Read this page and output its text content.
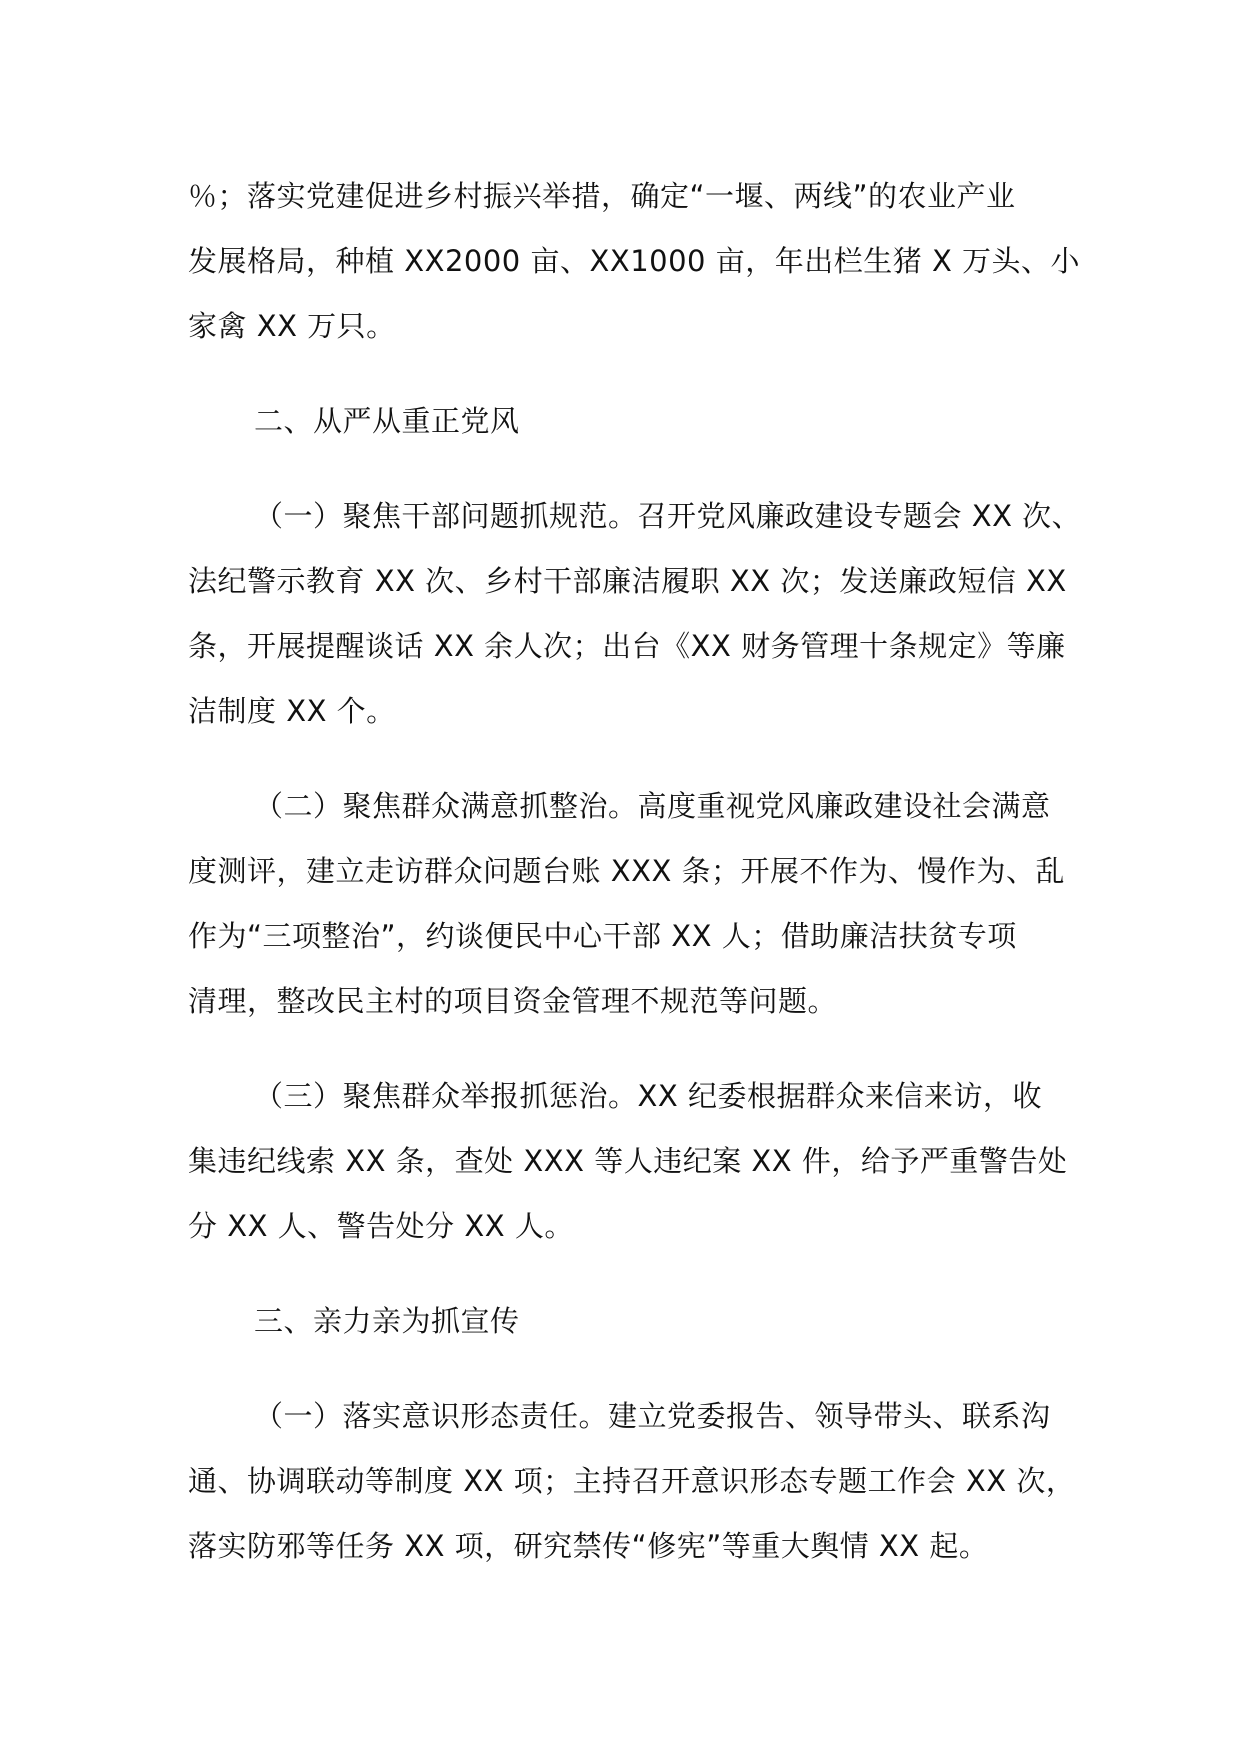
％；落实党建促进乡村振兴举措，确定“一堰、两线”的农业产业
发展格局，种植 XX2000 亩、XX1000 亩，年出栏生猪 X 万头、小
家禽 XX 万只。

二、从严从重正党风

（一）聚焦干部问题抓规范。召开党风廉政建设专题会 XX 次、
法纪警示教育 XX 次、乡村干部廉洁履职 XX 次；发送廉政短信 XX
条，开展提醒谈话 XX 余人次；出台《XX 财务管理十条规定》等廉
洁制度 XX 个。

（二）聚焦群众满意抓整治。高度重视党风廉政建设社会满意
度测评，建立走访群众问题台账 XXX 条；开展不作为、慢作为、乱
作为“三项整治”，约谈便民中心干部 XX 人；借助廉洁扶贫专项
清理，整改民主村的项目资金管理不规范等问题。

（三）聚焦群众举报抓惩治。XX 纪委根据群众来信来访，收
集违纪线索 XX 条，查处 XXX 等人违纪案 XX 件，给予严重警告处
分 XX 人、警告处分 XX 人。

三、亲力亲为抓宣传

（一）落实意识形态责任。建立党委报告、领导带头、联系沟
通、协调联动等制度 XX 项；主持召开意识形态专题工作会 XX 次，
落实防邪等任务 XX 项，研究禁传“修宪”等重大舆情 XX 起。
